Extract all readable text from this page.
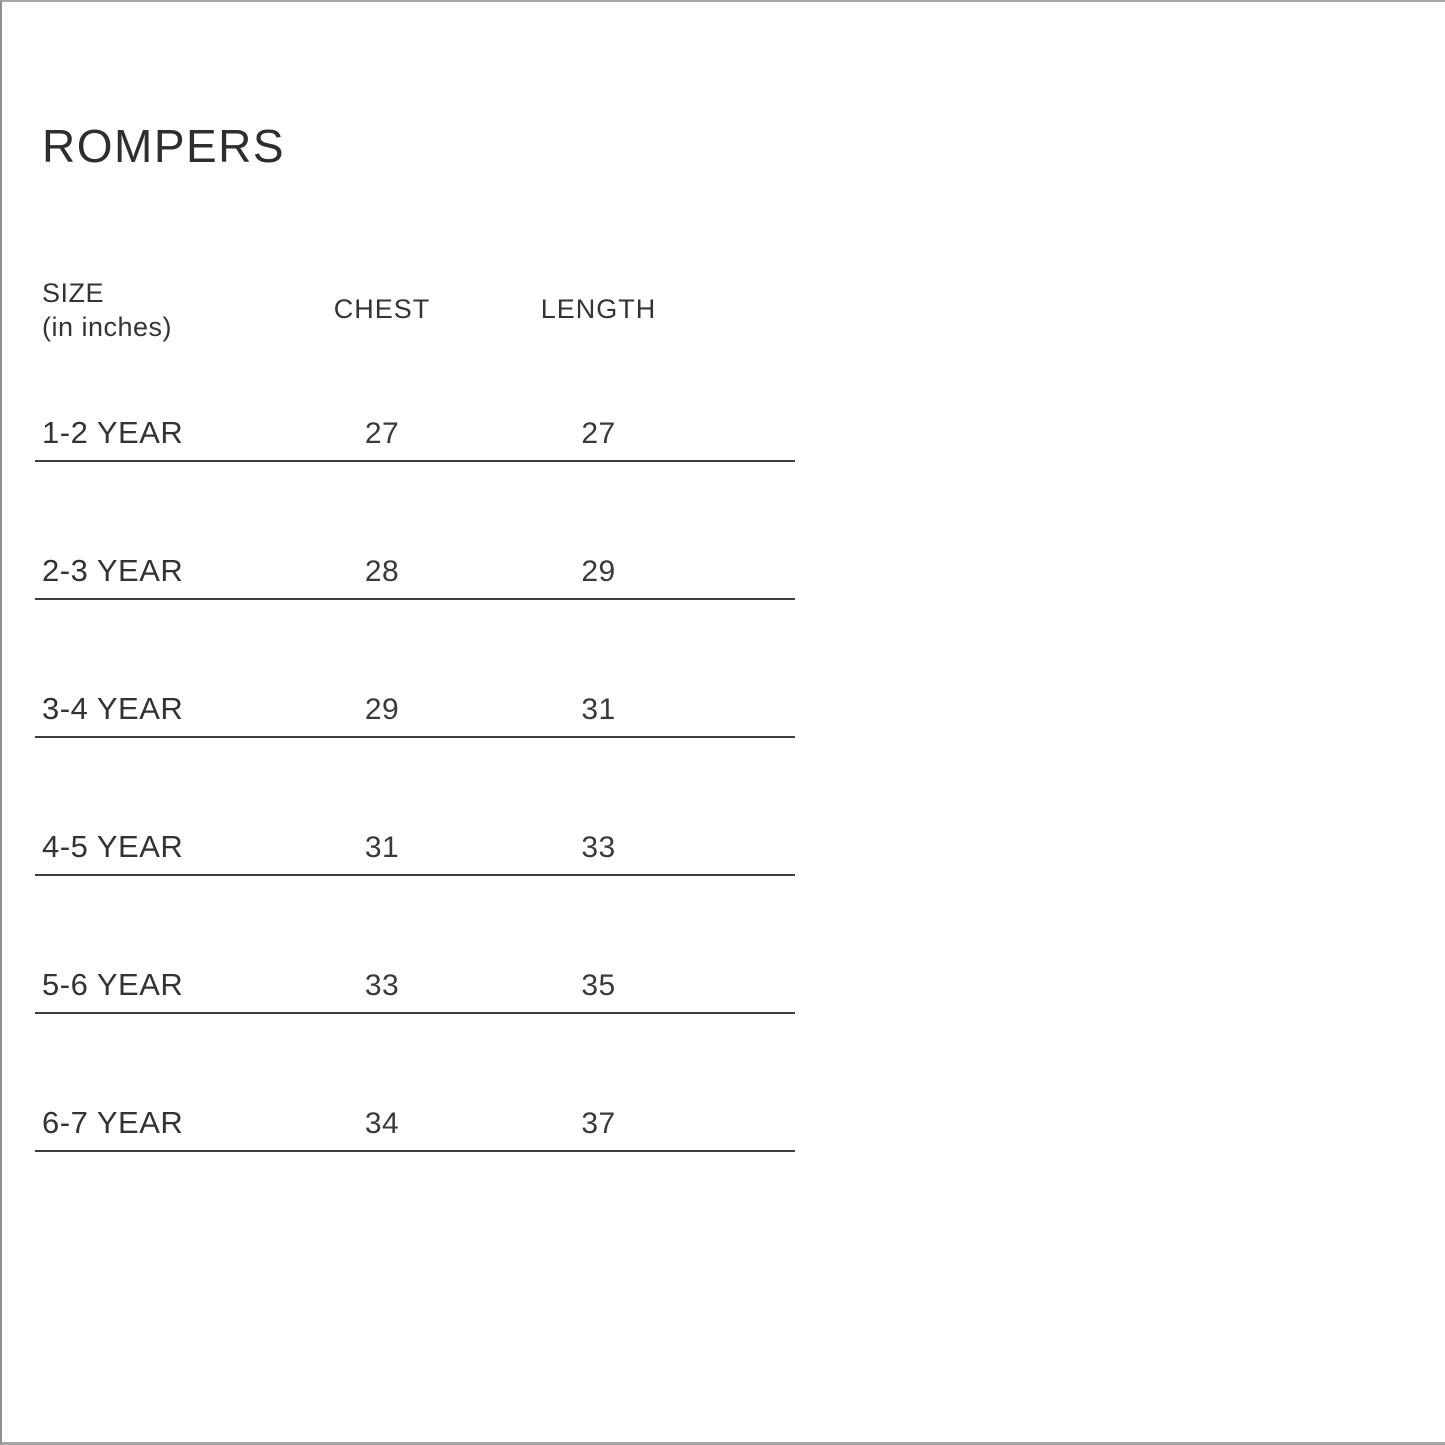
ROMPERS
SIZE
(in inches)
CHEST	LENGTH
1-2 YEAR	27	27
2-3 YEAR	28	29
3-4 YEAR	29	31
4-5 YEAR	31	33
5-6 YEAR	33	35
6-7 YEAR	34	37
